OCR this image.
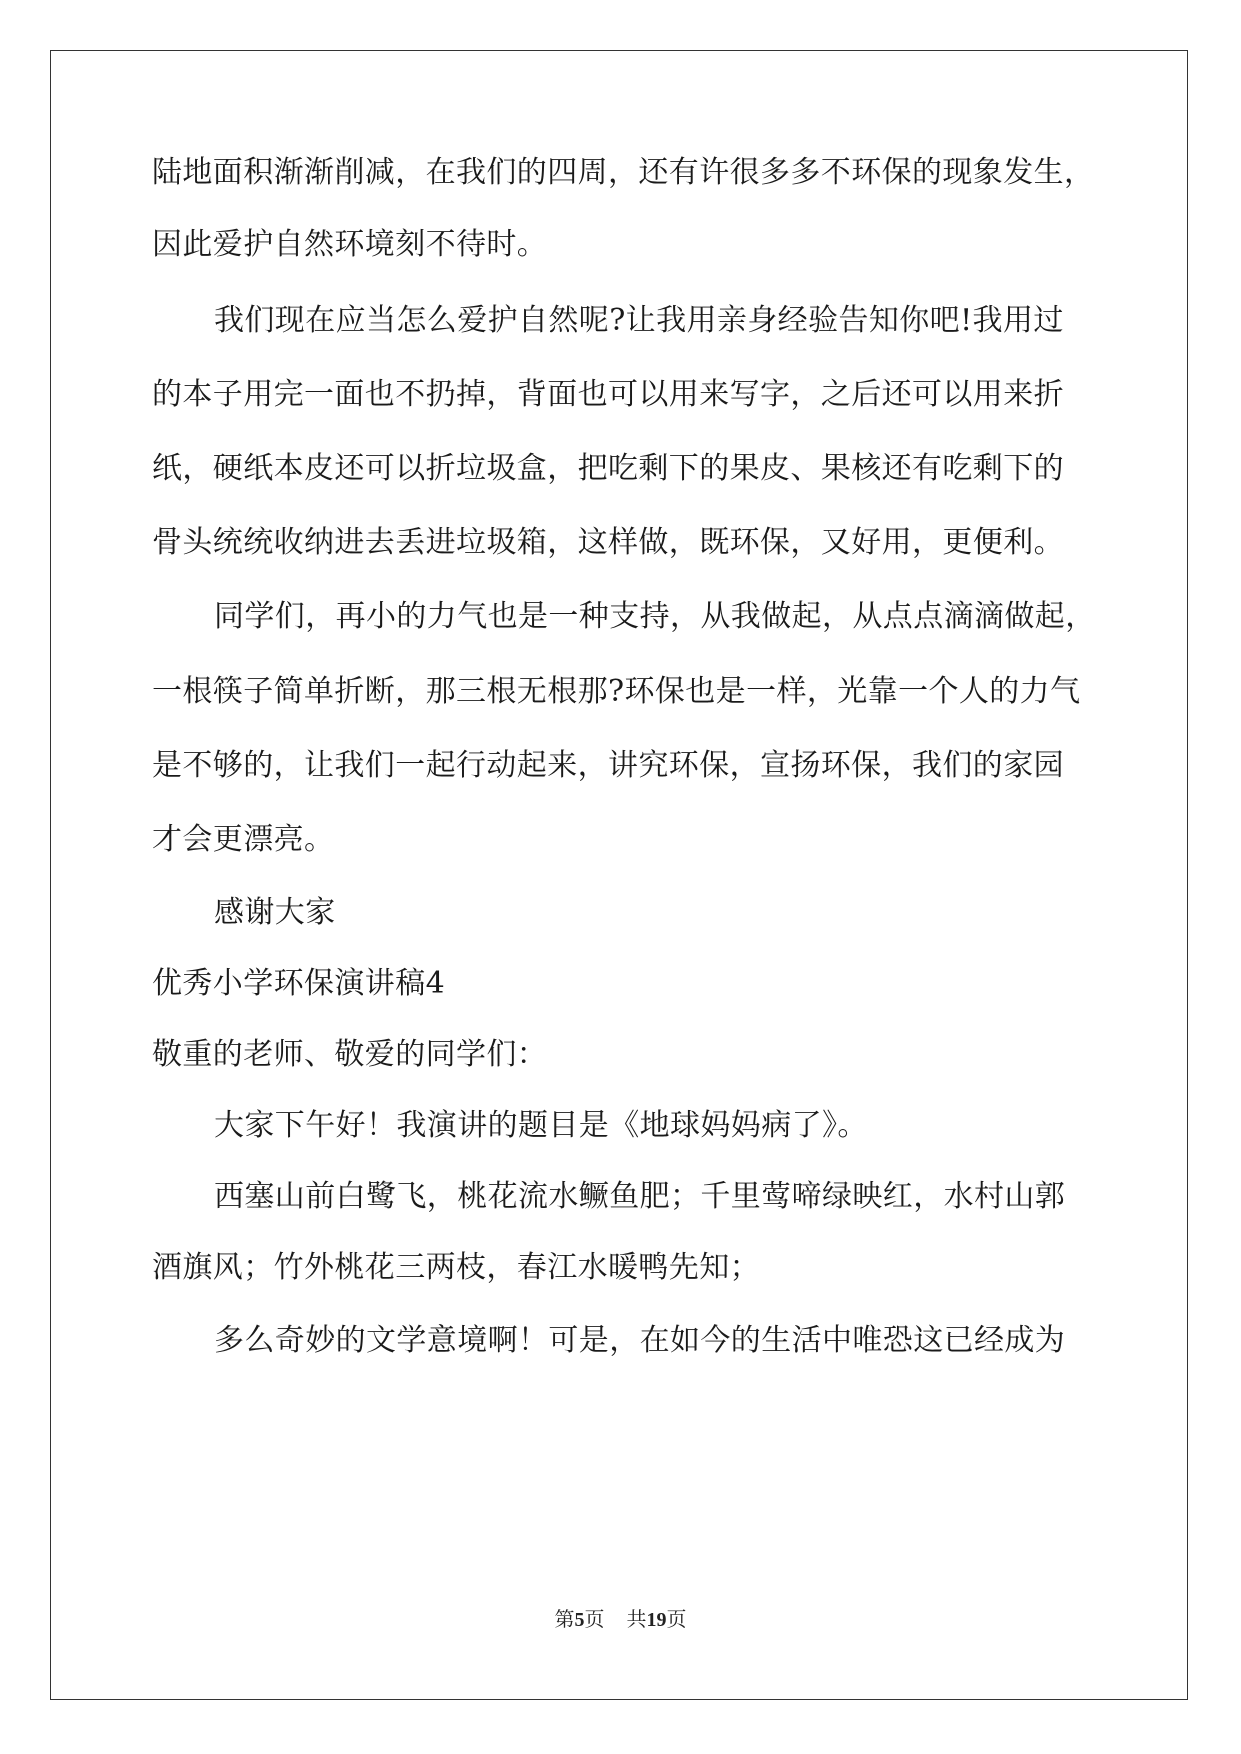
陆地面积渐渐削减，在我们的四周，还有许很多多不环保的现象发生，
因此爱护自然环境刻不待时。
我们现在应当怎么爱护自然呢?让我用亲身经验告知你吧!我用过
的本子用完一面也不扔掉，背面也可以用来写字，之后还可以用来折
纸，硬纸本皮还可以折垃圾盒，把吃剩下的果皮、果核还有吃剩下的
骨头统统收纳进去丢进垃圾箱，这样做，既环保，又好用，更便利。
同学们，再小的力气也是一种支持，从我做起，从点点滴滴做起，
一根筷子简单折断，那三根无根那?环保也是一样，光靠一个人的力气
是不够的，让我们一起行动起来，讲究环保，宣扬环保，我们的家园
才会更漂亮。
感谢大家
优秀小学环保演讲稿4
敬重的老师、敬爱的同学们：
大家下午好！我演讲的题目是《地球妈妈病了》。
西塞山前白鹭飞，桃花流水鳜鱼肥；千里莺啼绿映红，水村山郭
酒旗风；竹外桃花三两枝，春江水暖鸭先知；
多么奇妙的文学意境啊！可是，在如今的生活中唯恐这已经成为
第5页 共19页
